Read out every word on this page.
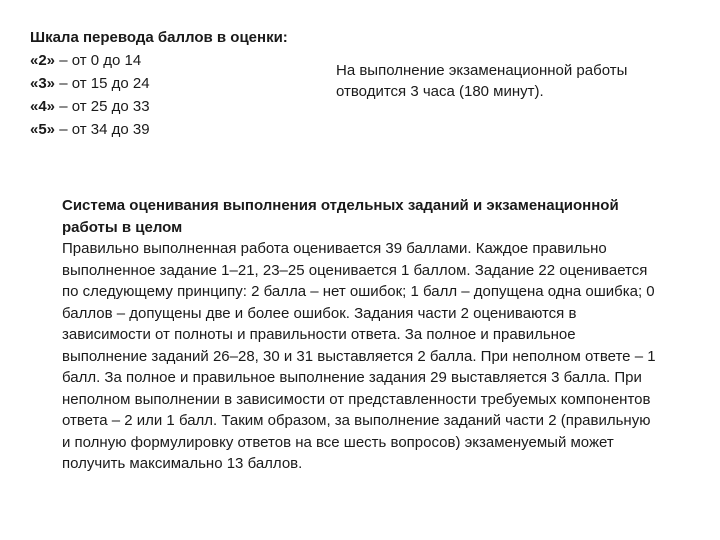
Шкала перевода баллов в оценки:
«2» – от 0 до 14
«3» – от 15 до 24
«4» – от 25 до 33
«5» – от 34 до 39
На выполнение экзаменационной работы отводится 3 часа (180 минут).
Система оценивания выполнения отдельных заданий и экзаменационной работы в целом
Правильно выполненная работа оценивается 39 баллами. Каждое правильно выполненное задание 1–21, 23–25 оценивается 1 баллом. Задание 22 оценивается по следующему принципу: 2 балла – нет ошибок; 1 балл – допущена одна ошибка; 0 баллов – допущены две и более ошибок. Задания части 2 оцениваются в зависимости от полноты и правильности ответа. За полное и правильное выполнение заданий 26–28, 30 и 31 выставляется 2 балла. При неполном ответе – 1 балл. За полное и правильное выполнение задания 29 выставляется 3 балла. При неполном выполнении в зависимости от представленности требуемых компонентов ответа – 2 или 1 балл. Таким образом, за выполнение заданий части 2 (правильную и полную формулировку ответов на все шесть вопросов) экзаменуемый может получить максимально 13 баллов.
